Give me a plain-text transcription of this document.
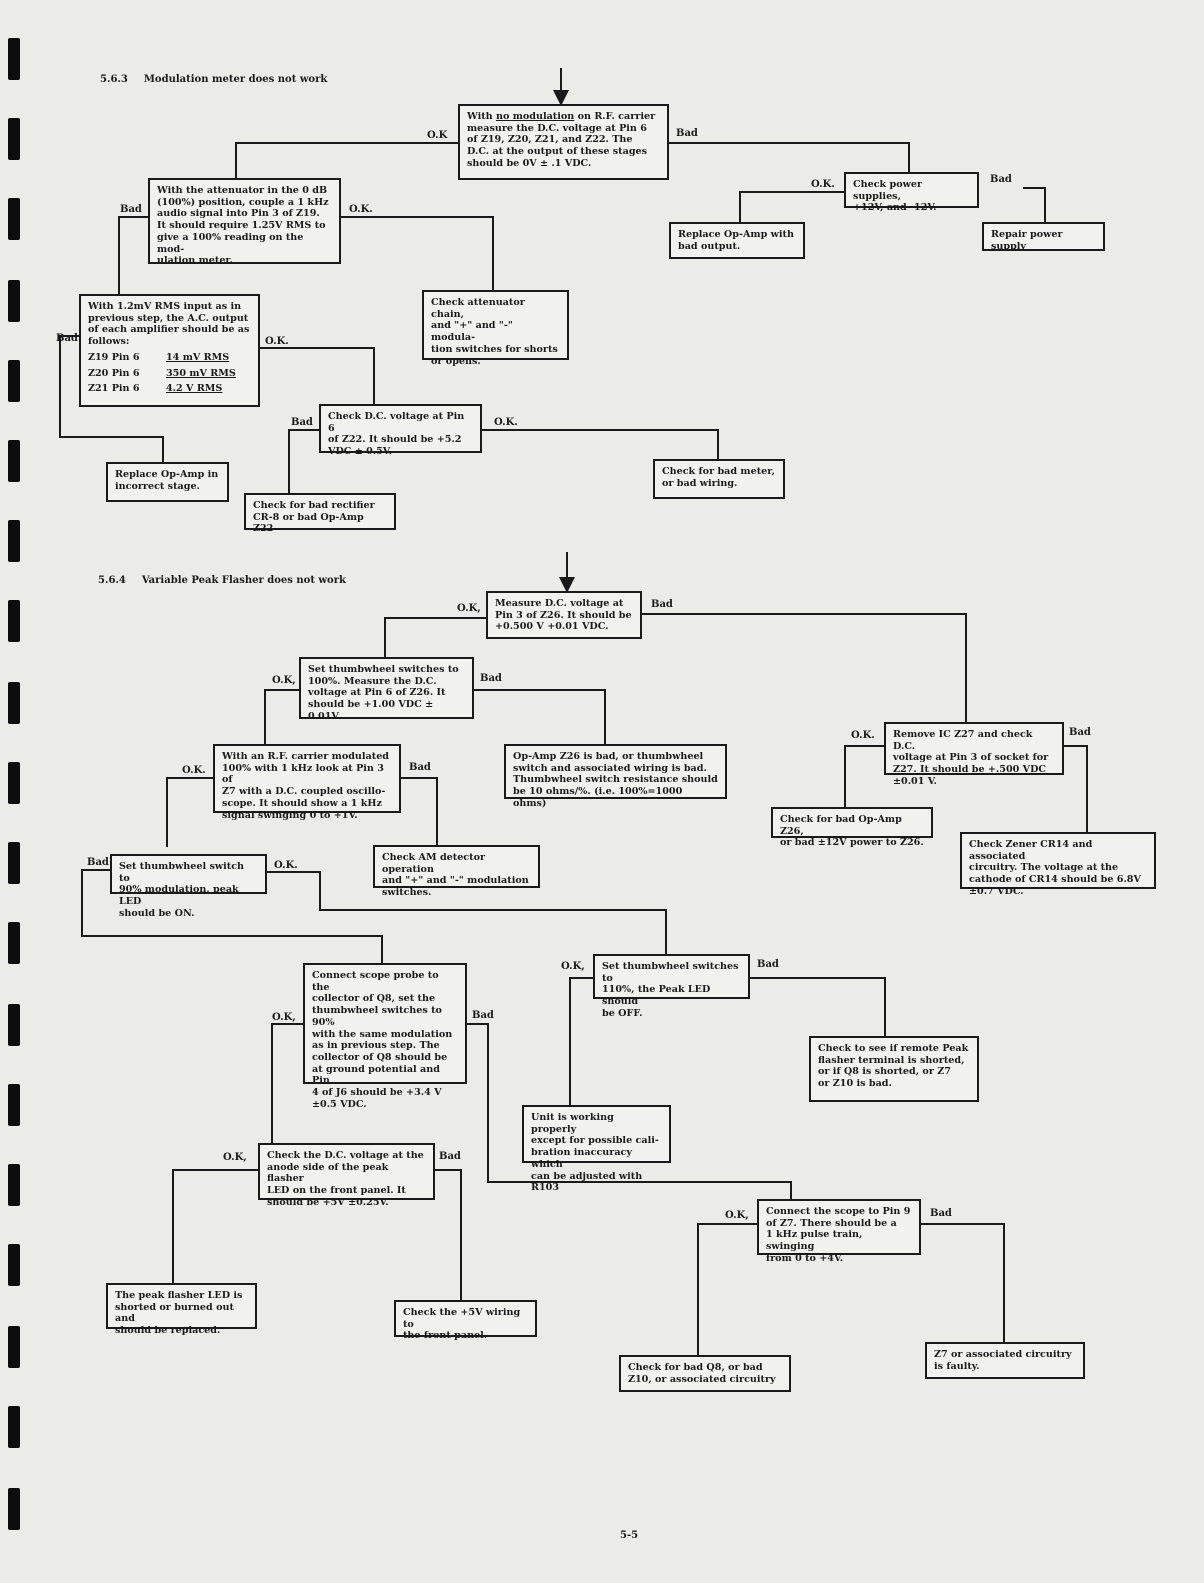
5.6.3 Modulation meter does not work
5.6.4 Variable Peak Flasher does not work

With no modulation on R.F. carrier
measure the D.C. voltage at Pin 6
of Z19, Z20, Z21, and Z22. The
D.C. at the output of these stages
should be 0V ± .1 VDC.

With the attenuator in the 0 dB
(100%) position, couple a 1 kHz
audio signal into Pin 3 of Z19.
It should require 1.25V RMS to
give a 100% reading on the mod-
ulation meter.

Check power supplies,
+12V, and -12V.

Replace Op-Amp with
bad output.

Repair power supply

With 1.2mV RMS input as in
previous step, the A.C. output
of each amplifier should be as
follows:

Z19 Pin 6	14 mV RMS
Z20 Pin 6	350 mV RMS
Z21 Pin 6	4.2 V RMS

Check attenuator chain,
and "+" and "-" modula-
tion switches for shorts
or opens.

Check D.C. voltage at Pin 6
of Z22. It should be +5.2
VDC ± 0.5V.

Replace Op-Amp in
incorrect stage.

Check for bad rectifier
CR-8 or bad Op-Amp Z22

Check for bad meter,
or bad wiring.

Measure D.C. voltage at
Pin 3 of Z26. It should be
+0.500 V +0.01 VDC.

Set thumbwheel switches to
100%. Measure the D.C.
voltage at Pin 6 of Z26. It
should be +1.00 VDC ± 0.01V

Remove IC Z27 and check D.C.
voltage at Pin 3 of socket for
Z27. It should be +.500 VDC
±0.01 V.

With an R.F. carrier modulated
100% with 1 kHz look at Pin 3 of
Z7 with a D.C. coupled oscillo-
scope. It should show a 1 kHz
signal swinging 0 to +1V.

Op-Amp Z26 is bad, or thumbwheel
switch and associated wiring is bad.
Thumbwheel switch resistance should
be 10 ohms/%. (i.e. 100%=1000 ohms)

Check for bad Op-Amp Z26,
or bad ±12V power to Z26.	Check Zener CR14 and associated
circuitry. The voltage at the
cathode of CR14 should be 6.8V
±0.7 VDC.

Set thumbwheel switch to
90% modulation, peak LED
should be ON.

Check AM detector operation
and "+" and "-" modulation
switches.

Connect scope probe to the
collector of Q8, set the
thumbwheel switches to 90%
with the same modulation
as in previous step. The
collector of Q8 should be
at ground potential and Pin
4 of J6 should be +3.4 V
±0.5 VDC.

Set thumbwheel switches to
110%, the Peak LED should
be OFF.

Check to see if remote Peak
flasher terminal is shorted,
or if Q8 is shorted, or Z7
or Z10 is bad.

Unit is working properly
except for possible cali-
bration inaccuracy which
can be adjusted with R103

Check the D.C. voltage at the
anode side of the peak flasher
LED on the front panel. It
should be +5V ±0.25V.

Connect the scope to Pin 9
of Z7. There should be a
1 kHz pulse train, swinging
from 0 to +4V.

The peak flasher LED is
shorted or burned out and
should be replaced.

Check the +5V wiring to
the front panel.

Check for bad Q8, or bad
Z10, or associated circuitry

Z7 or associated circuitry
is faulty.

O.K	Bad
O.K.	Bad
Bad	O.K.
Bad	O.K.
Bad	O.K.
O.K,	Bad
O.K,	Bad
O.K.	Bad
O.K.	Bad
Bad	O.K.
O.K,	Bad
O.K,	Bad
O.K,	Bad
O.K,	Bad
5-5
